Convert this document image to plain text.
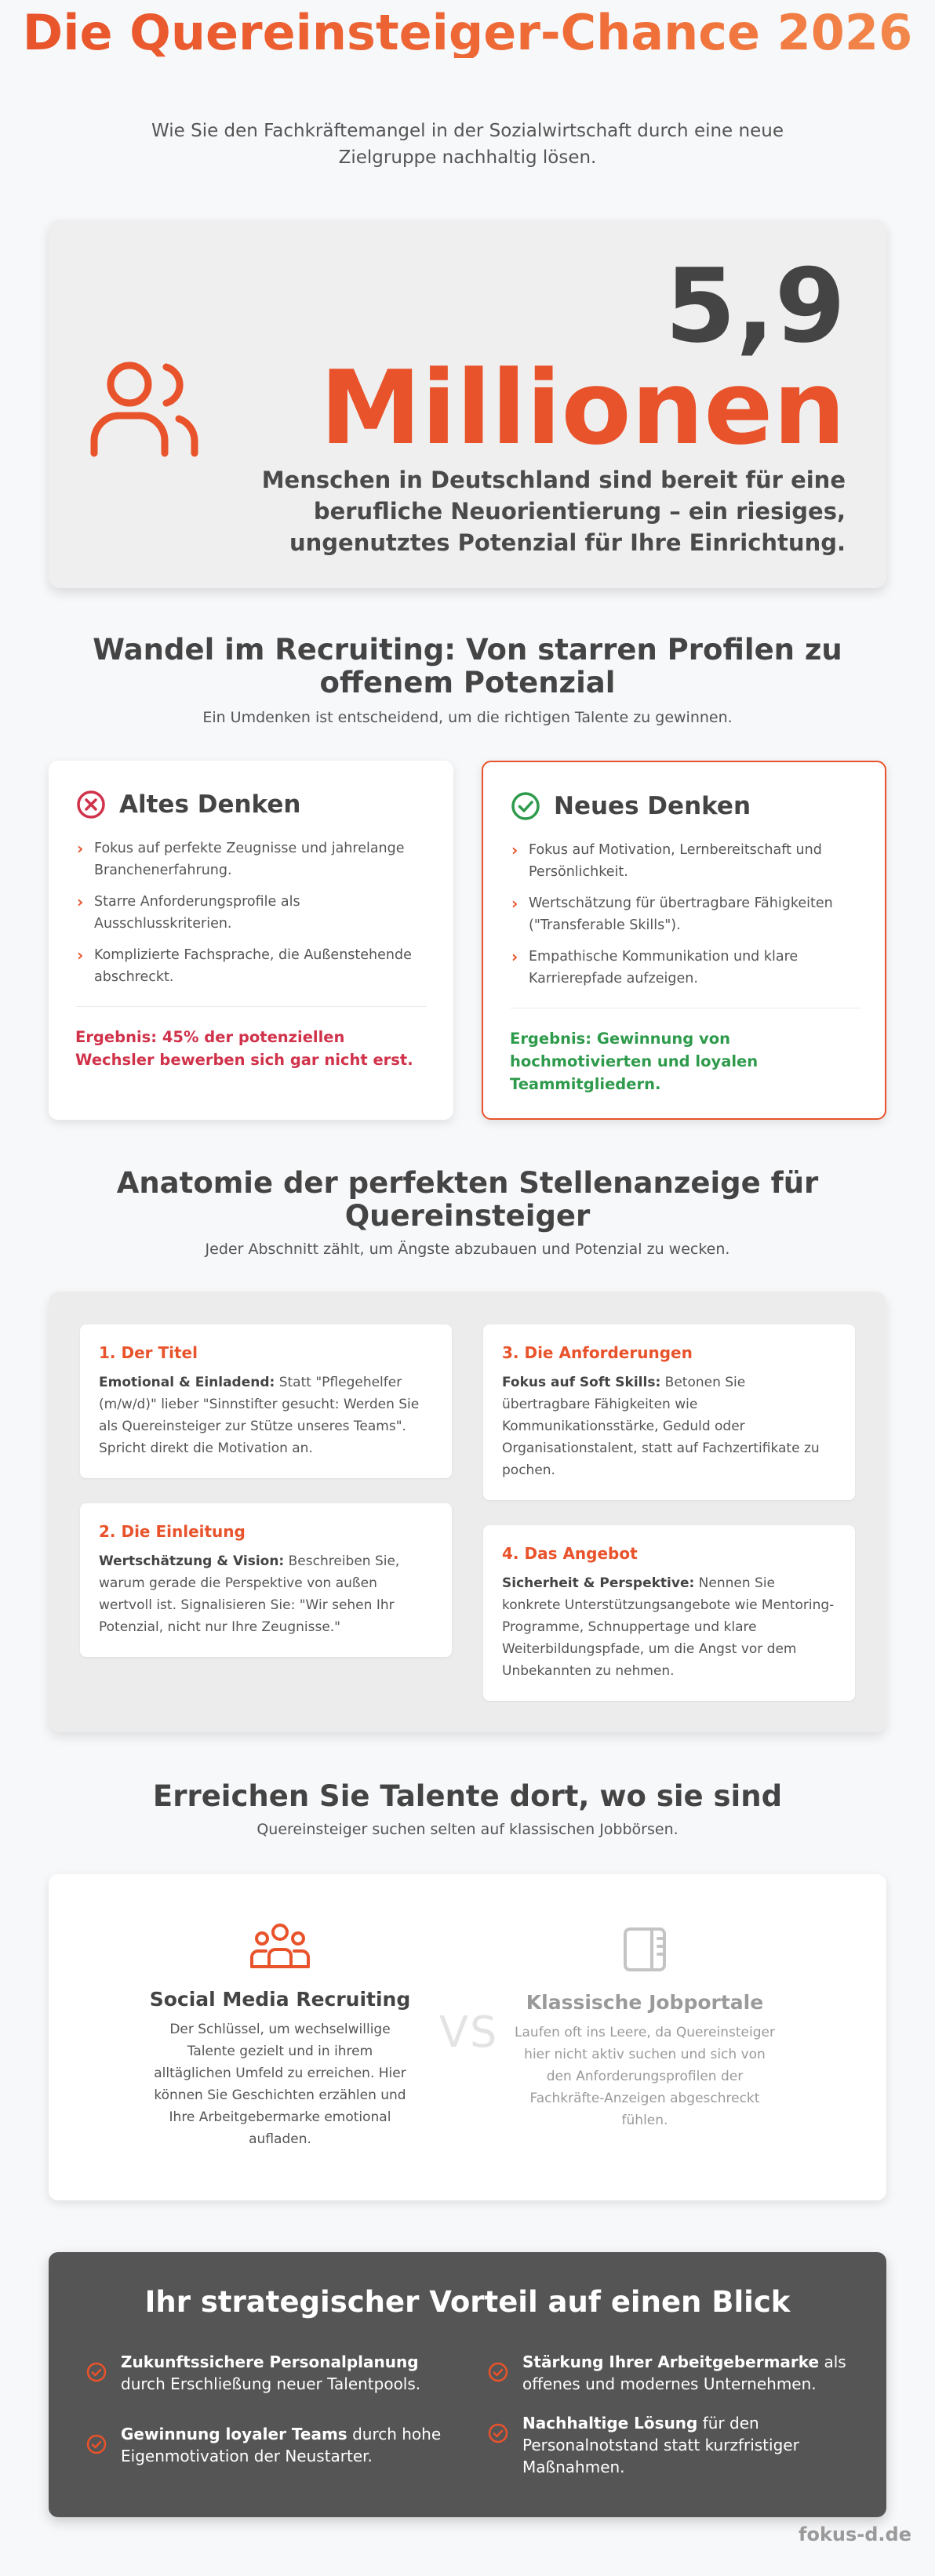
Die Quereinsteiger-Chance 2026

Wie Sie den Fachkräftemangel in der Sozialwirtschaft durch eine neue Zielgruppe nachhaltig lösen.

5,9
Millionen

Menschen in Deutschland sind bereit für eine berufliche Neuorientierung – ein riesiges, ungenutztes Potenzial für Ihre Einrichtung.

Wandel im Recruiting: Von starren Profilen zu offenem Potenzial

Ein Umdenken ist entscheidend, um die richtigen Talente zu gewinnen.

Altes Denken
› Fokus auf perfekte Zeugnisse und jahrelange Branchenerfahrung.
› Starre Anforderungsprofile als Ausschlusskriterien.
› Komplizierte Fachsprache, die Außenstehende abschreckt.

Ergebnis: 45% der potenziellen Wechsler bewerben sich gar nicht erst.

Neues Denken
› Fokus auf Motivation, Lernbereitschaft und Persönlichkeit.
› Wertschätzung für übertragbare Fähigkeiten ("Transferable Skills").
› Empathische Kommunikation und klare Karrierepfade aufzeigen.

Ergebnis: Gewinnung von hochmotivierten und loyalen Teammitgliedern.

Anatomie der perfekten Stellenanzeige für Quereinsteiger

Jeder Abschnitt zählt, um Ängste abzubauen und Potenzial zu wecken.

1. Der Titel

Emotional & Einladend: Statt "Pflegehelfer (m/w/d)" lieber "Sinnstifter gesucht: Werden Sie als Quereinsteiger zur Stütze unseres Teams". Spricht direkt die Motivation an.

2. Die Einleitung

Wertschätzung & Vision: Beschreiben Sie, warum gerade die Perspektive von außen wertvoll ist. Signalisieren Sie: "Wir sehen Ihr Potenzial, nicht nur Ihre Zeugnisse."

3. Die Anforderungen

Fokus auf Soft Skills: Betonen Sie übertragbare Fähigkeiten wie Kommunikationsstärke, Geduld oder Organisationstalent, statt auf Fachzertifikate zu pochen.

4. Das Angebot

Sicherheit & Perspektive: Nennen Sie konkrete Unterstützungsangebote wie Mentoring-Programme, Schnuppertage und klare Weiterbildungspfade, um die Angst vor dem Unbekannten zu nehmen.

Erreichen Sie Talente dort, wo sie sind

Quereinsteiger suchen selten auf klassischen Jobbörsen.

Social Media Recruiting

Der Schlüssel, um wechselwillige Talente gezielt und in ihrem alltäglichen Umfeld zu erreichen. Hier können Sie Geschichten erzählen und Ihre Arbeitgebermarke emotional aufladen.

VS
Klassische Jobportale

Laufen oft ins Leere, da Quereinsteiger hier nicht aktiv suchen und sich von den Anforderungsprofilen der Fachkräfte-Anzeigen abgeschreckt fühlen.

Ihr strategischer Vorteil auf einen Blick

Zukunftssichere Personalplanung durch Erschließung neuer Talentpools.

Stärkung Ihrer Arbeitgebermarke als offenes und modernes Unternehmen.

Gewinnung loyaler Teams durch hohe Eigenmotivation der Neustarter.

Nachhaltige Lösung für den Personalnotstand statt kurzfristiger Maßnahmen.

fokus-d.de
